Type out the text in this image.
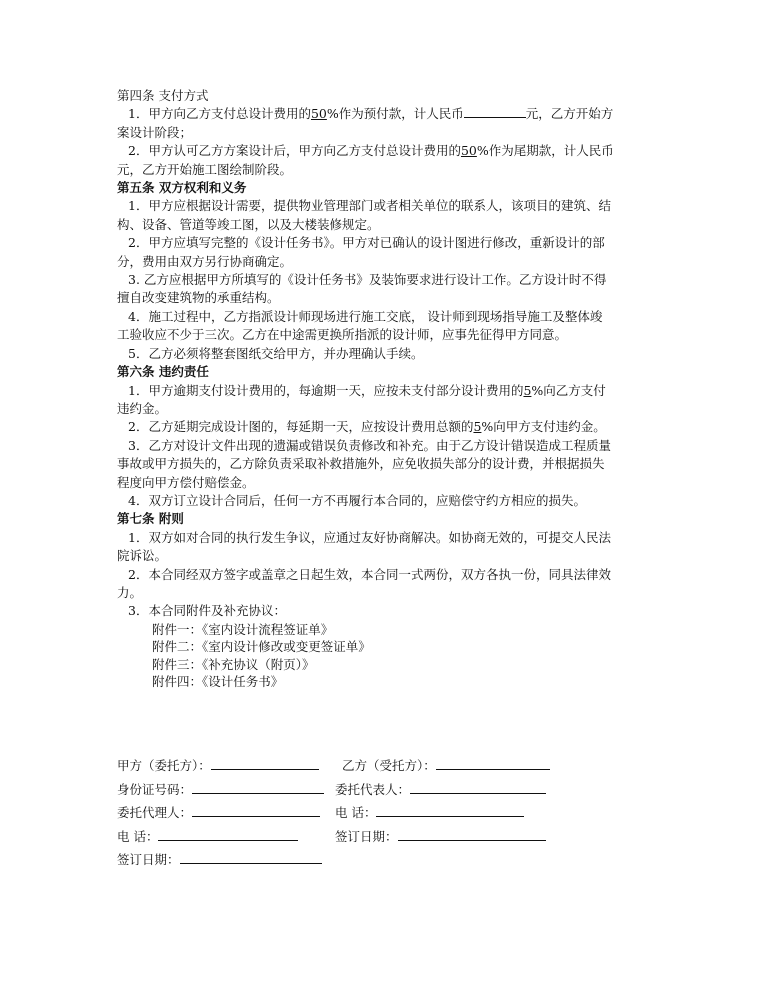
第四条 支付方式
1．甲方向乙方支付总设计费用的50%作为预付款，计人民币	元，乙方开始方
案设计阶段；
2．甲方认可乙方方案设计后，甲方向乙方支付总设计费用的50%作为尾期款，计人民币
元，乙方开始施工图绘制阶段。
第五条 双方权利和义务
1．甲方应根据设计需要，提供物业管理部门或者相关单位的联系人，该项目的建筑、结
构、设备、管道等竣工图，以及大楼装修规定。
2．甲方应填写完整的《设计任务书》。甲方对已确认的设计图进行修改，重新设计的部
分，费用由双方另行协商确定。
3. 乙方应根据甲方所填写的《设计任务书》及装饰要求进行设计工作。乙方设计时不得
擅自改变建筑物的承重结构。
4．施工过程中，乙方指派设计师现场进行施工交底， 设计师到现场指导施工及整体竣
工验收应不少于三次。乙方在中途需更换所指派的设计师，应事先征得甲方同意。
5．乙方必须将整套图纸交给甲方，并办理确认手续。
第六条 违约责任
1．甲方逾期支付设计费用的，每逾期一天，应按未支付部分设计费用的5%向乙方支付
违约金。
2．乙方延期完成设计图的，每延期一天，应按设计费用总额的5%向甲方支付违约金。
3．乙方对设计文件出现的遗漏或错误负责修改和补充。由于乙方设计错误造成工程质量
事故或甲方损失的，乙方除负责采取补救措施外，应免收损失部分的设计费，并根据损失
程度向甲方偿付赔偿金。
4．双方订立设计合同后，任何一方不再履行本合同的，应赔偿守约方相应的损失。
第七条 附则
1．双方如对合同的执行发生争议，应通过友好协商解决。如协商无效的，可提交人民法
院诉讼。
2．本合同经双方签字或盖章之日起生效，本合同一式两份，双方各执一份，同具法律效
力。
3．本合同附件及补充协议：
附件一：《室内设计流程签证单》
附件二：《室内设计修改或变更签证单》
附件三：《补充协议（附页）》
附件四：《设计任务书》
甲方（委托方）：	乙方（受托方）：
身份证号码：	委托代表人：
委托代理人：	电 话：
电 话：	签订日期：
签订日期：
